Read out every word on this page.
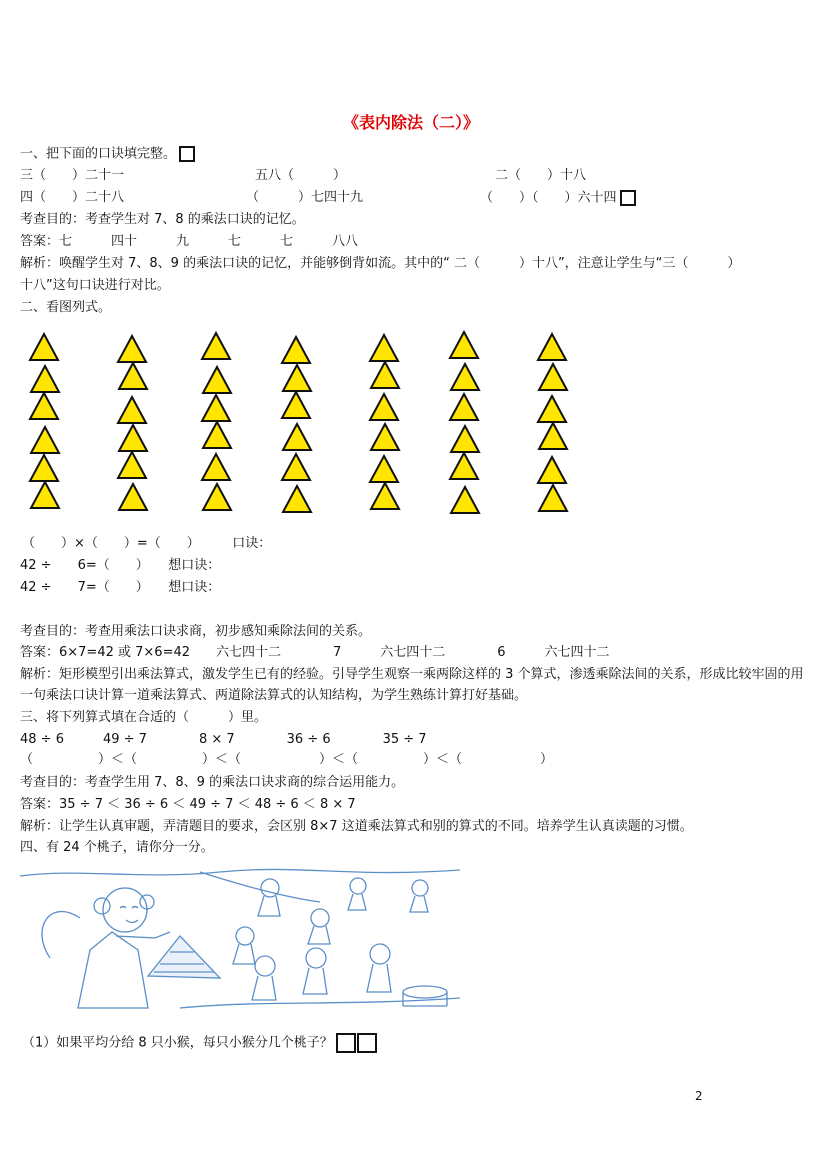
《表内除法（二）》
一、把下面的口诀填完整。
三（　　）二十一	五八（　　　）	二（　　）十八
四（　　）二十八	（　　　）七四十九	（　　）（　　）六十四
考查目的：考查学生对 7、8 的乘法口诀的记忆。
答案：七　　　四十　　　九　　　七　　　七　　　八八
解析：唤醒学生对 7、8、9 的乘法口诀的记忆，并能够倒背如流。其中的“ 二（　　　）十八”，注意让学生与“三（　　　）
十八”这句口诀进行对比。
二、看图列式。
（　　）×（　　）=（　　）　　　口诀：
42 ÷　　6=（　　）　　想口诀：
42 ÷　　7=（　　）　　想口诀：
考查目的：考查用乘法口诀求商，初步感知乘除法间的关系。
答案：6×7=42 或 7×6=42　　六七四十二　　　　7　　　六七四十二　　　　6　　　六七四十二
解析：矩形模型引出乘法算式，激发学生已有的经验。引导学生观察一乘两除这样的 3 个算式，渗透乘除法间的关系，形成比较牢固的用一句乘法口诀计算一道乘法算式、两道除法算式的认知结构，为学生熟练计算打好基础。
三、将下列算式填在合适的（　　　）里。
48 ÷ 6　　　49 ÷ 7　　　　8 × 7　　　　36 ÷ 6　　　　35 ÷ 7
（　　　　　）＜（　　　　　）＜（　　　　　　）＜（　　　　　）＜（　　　　　　）
考查目的：考查学生用 7、8、9 的乘法口诀求商的综合运用能力。
答案：35 ÷ 7 ＜ 36 ÷ 6 ＜ 49 ÷ 7 ＜ 48 ÷ 6 ＜ 8 × 7
解析：让学生认真审题，弄清题目的要求，会区别 8×7 这道乘法算式和别的算式的不同。培养学生认真读题的习惯。
四、有 24 个桃子，请你分一分。
（1）如果平均分给 8 只小猴，每只小猴分几个桃子？
2
